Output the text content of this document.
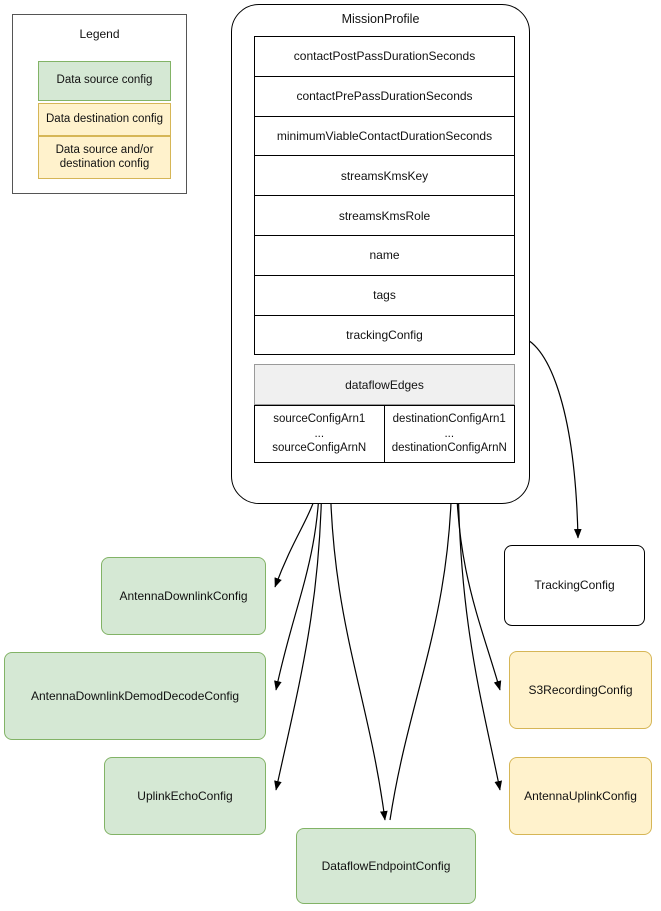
Legend
Data source config
Data destination config
Data source and/or destination config
MissionProfile
contactPostPassDurationSeconds
contactPrePassDurationSeconds
minimumViableContactDurationSeconds
streamsKmsKey
streamsKmsRole
name
tags
trackingConfig
dataflowEdges
sourceConfigArn1
...
sourceConfigArnN
destinationConfigArn1
...
destinationConfigArnN
AntennaDownlinkConfig
AntennaDownlinkDemodDecodeConfig
UplinkEchoConfig
DataflowEndpointConfig
TrackingConfig
S3RecordingConfig
AntennaUplinkConfig
